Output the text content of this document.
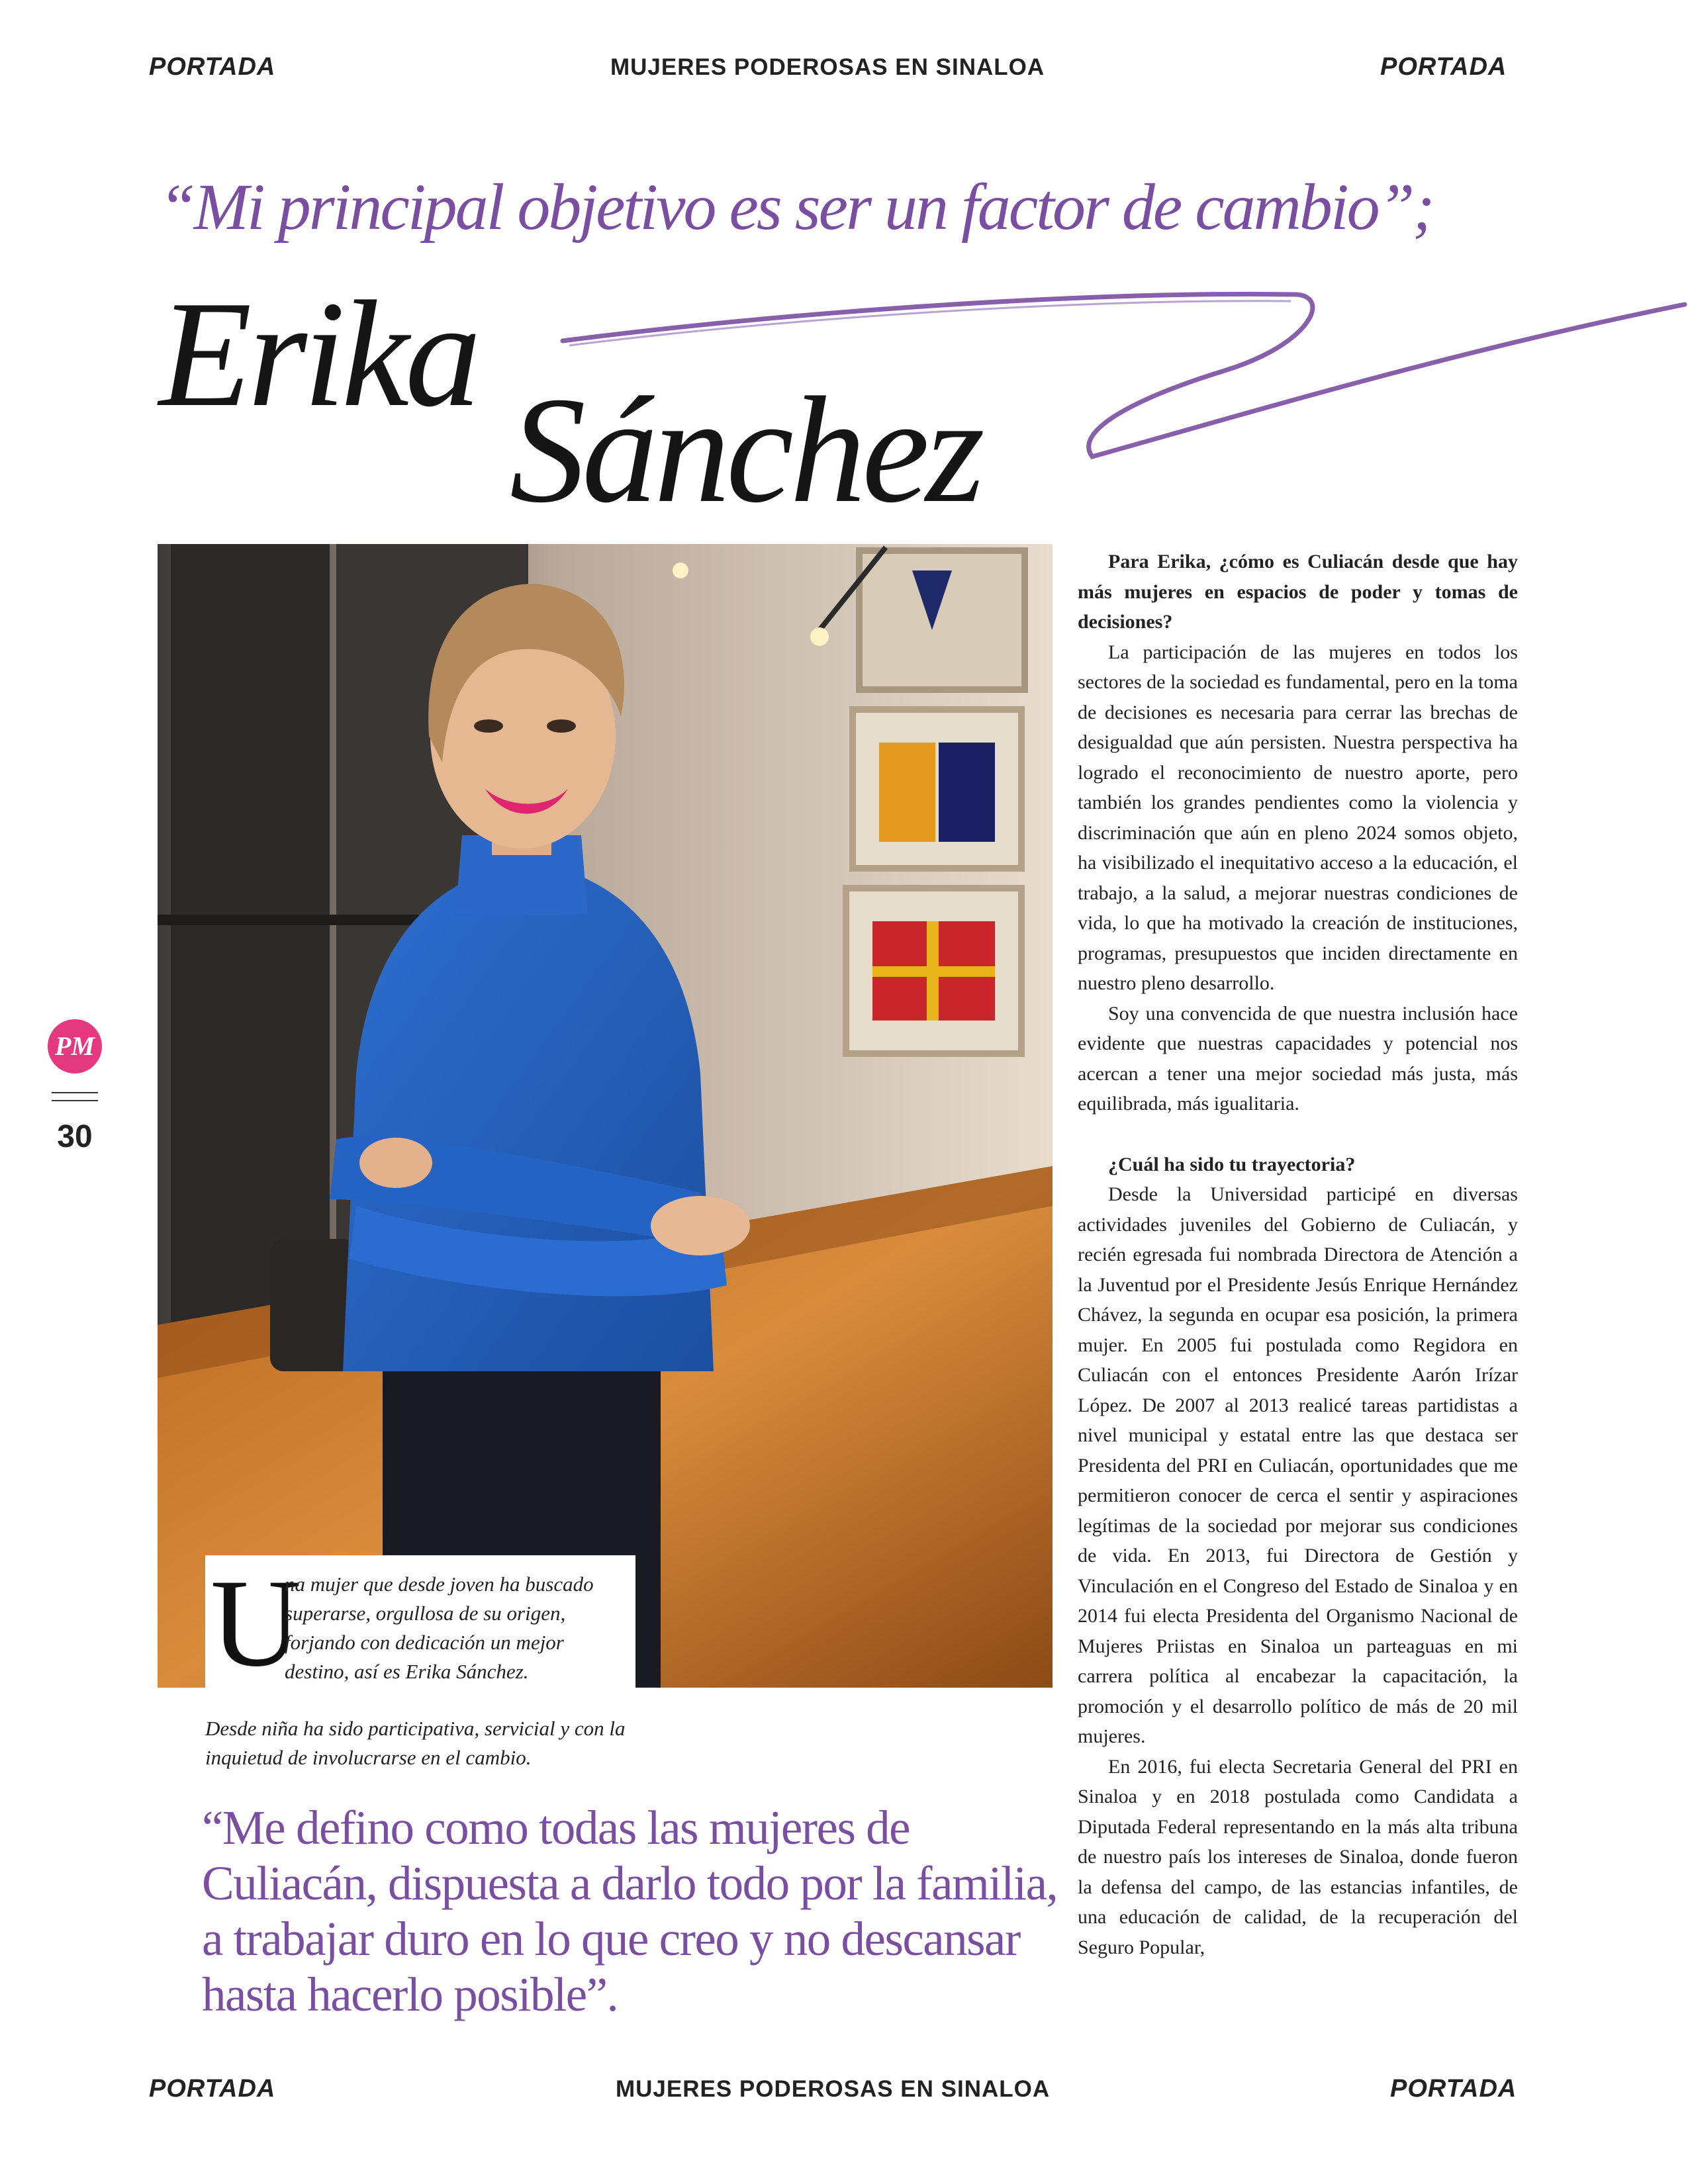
PORTADA	MUJERES PODEROSAS EN SINALOA	PORTADA
“Mi principal objetivo es ser un factor de cambio”;
Erika
Sánchez
U
na mujer que desde joven ha buscado superarse, orgullosa de su origen, forjando con dedicación un mejor destino, así es Erika Sánchez.
Desde niña ha sido participativa, servicial y con la inquietud de involucrarse en el cambio.
“Me defino como todas las mujeres de Culiacán, dispuesta a darlo todo por la familia, a trabajar duro en lo que creo y no descansar hasta hacerlo posible”.
PM
30

Para Erika, ¿cómo es Culiacán desde que hay más mujeres en espacios de poder y tomas de decisiones?

La participación de las mujeres en todos los sectores de la sociedad es fundamental, pero en la toma de decisiones es necesaria para cerrar las brechas de desigualdad que aún persisten. Nuestra perspectiva ha logrado el reconocimiento de nuestro aporte, pero también los grandes pendientes como la violencia y discriminación que aún en pleno 2024 somos objeto, ha visibilizado el inequitativo acceso a la educación, el trabajo, a la salud, a mejorar nuestras condiciones de vida, lo que ha motivado la creación de instituciones, programas, presupuestos que inciden directamente en nuestro pleno desarrollo.

Soy una convencida de que nuestra inclusión hace evidente que nuestras capacidades y potencial nos acercan a tener una mejor sociedad más justa, más equilibrada, más igualitaria.

¿Cuál ha sido tu trayectoria?

Desde la Universidad participé en diversas actividades juveniles del Gobierno de Culiacán, y recién egresada fui nombrada Directora de Atención a la Juventud por el Presidente Jesús Enrique Hernández Chávez, la segunda en ocupar esa posición, la primera mujer. En 2005 fui postulada como Regidora en Culiacán con el entonces Presidente Aarón Irízar López. De 2007 al 2013 realicé tareas partidistas a nivel municipal y estatal entre las que destaca ser Presidenta del PRI en Culiacán, oportunidades que me permitieron conocer de cerca el sentir y aspiraciones legítimas de la sociedad por mejorar sus condiciones de vida. En 2013, fui Directora de Gestión y Vinculación en el Congreso del Estado de Sinaloa y en 2014 fui electa Presidenta del Organismo Nacional de Mujeres Priistas en Sinaloa un parteaguas en mi carrera política al encabezar la capacitación, la promoción y el desarrollo político de más de 20 mil mujeres.

En 2016, fui electa Secretaria General del PRI en Sinaloa y en 2018 postulada como Candidata a Diputada Federal representando en la más alta tribuna de nuestro país los intereses de Sinaloa, donde fueron la defensa del campo, de las estancias infantiles, de una educación de calidad, de la recuperación del Seguro Popular,

PORTADA	MUJERES PODEROSAS EN SINALOA	PORTADA
